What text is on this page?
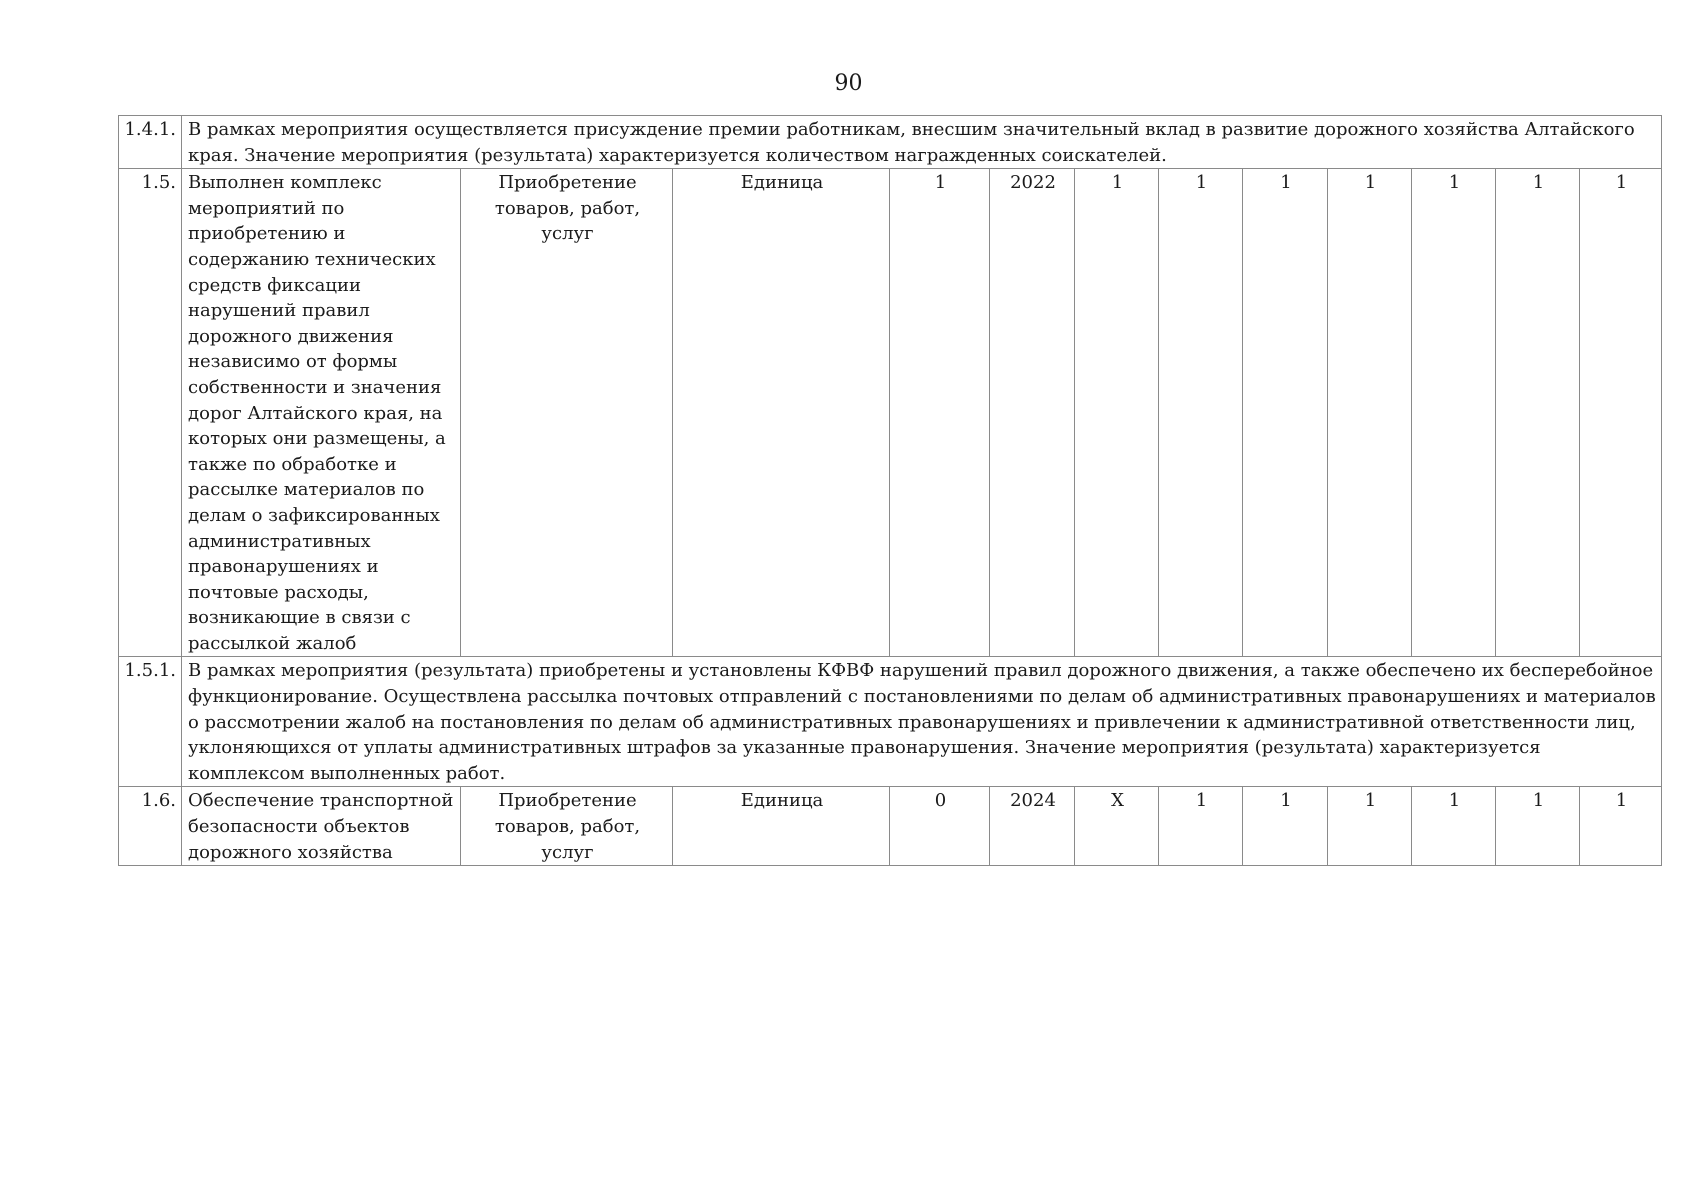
90
1.4.1.	В рамках мероприятия осуществляется присуждение премии работникам, внесшим значительный вклад в развитие дорожного хозяйства Алтайского края. Значение мероприятия (результата) характеризуется количеством награжденных соискателей.											
1.5.	Выполнен комплекс мероприятий по приобретению и содержанию технических средств фиксации нарушений правил дорожного движения независимо от формы собственности и значения дорог Алтайского края, на которых они размещены, а также по обработке и рассылке материалов по делам о зафиксированных административных правонарушениях и почтовые расходы, возникающие в связи с рассылкой жалоб	Приобретение товаров, работ, услуг	Единица	1	2022	1	1	1	1	1	1	1
1.5.1.	В рамках мероприятия (результата) приобретены и установлены КФВФ нарушений правил дорожного движения, а также обеспечено их бесперебойное функционирование. Осуществлена рассылка почтовых отправлений с постановлениями по делам об административных правонарушениях и материалов о рассмотрении жалоб на постановления по делам об административных правонарушениях и привлечении к административной ответственности лиц, уклоняющихся от уплаты административных штрафов за указанные правонарушения. Значение мероприятия (результата) характеризуется комплексом выполненных работ.											
1.6.	Обеспечение транспортной безопасности объектов дорожного хозяйства	Приобретение товаров, работ, услуг	Единица	0	2024	Х	1	1	1	1	1	1
